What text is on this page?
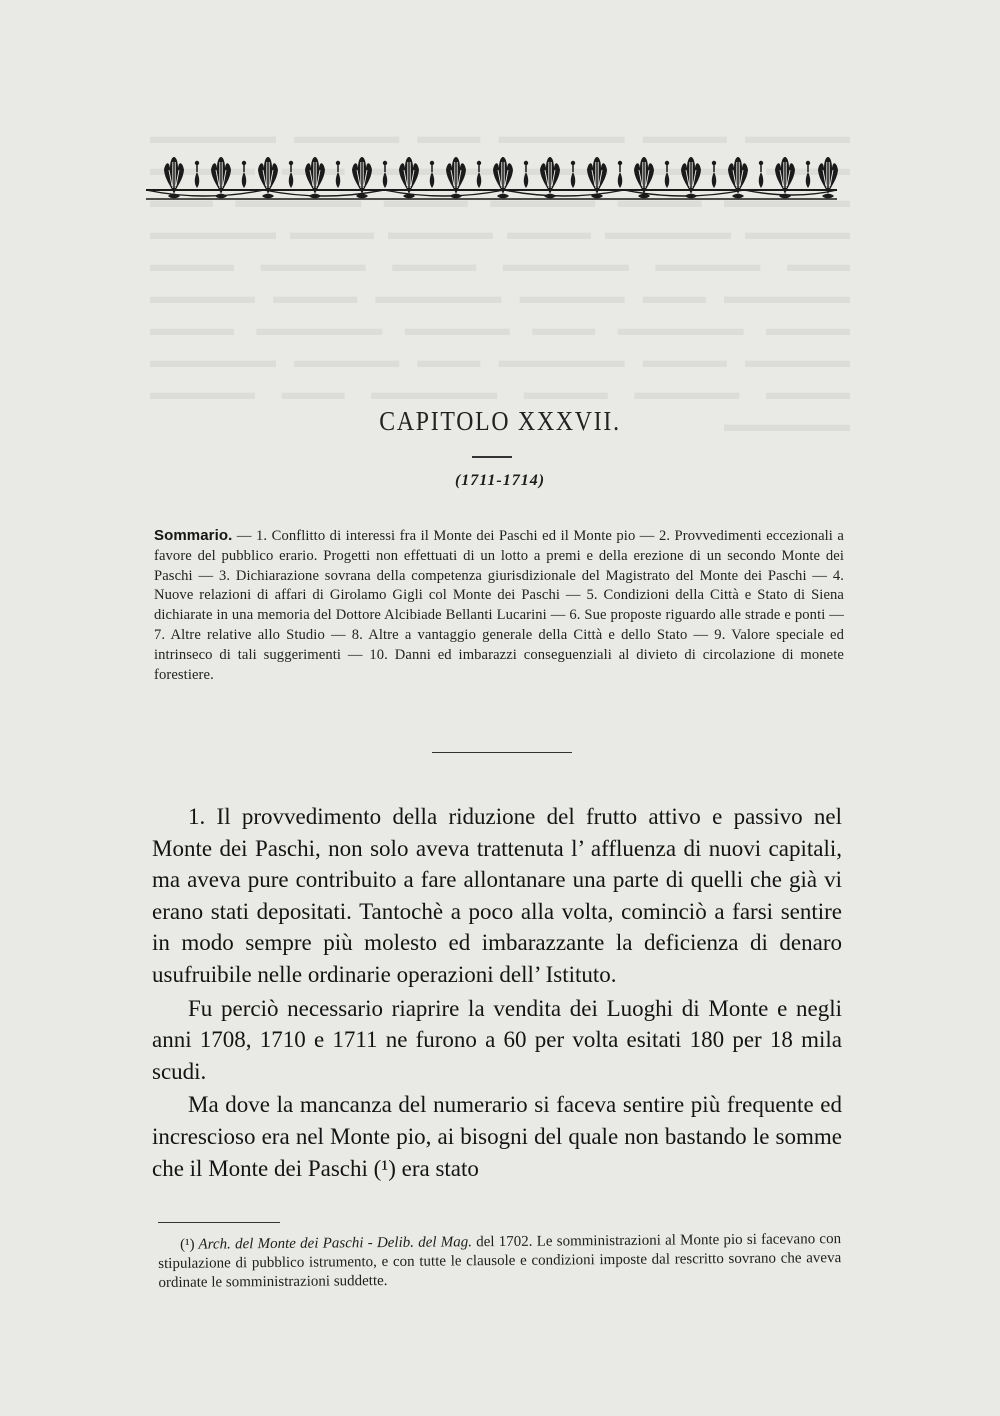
▬▬▬▬▬ ▬▬▬▬ ▬▬▬▬▬▬ ▬▬▬ ▬▬▬▬▬ ▬▬▬▬▬▬ ▬▬▬▬ ▬▬▬▬▬▬ ▬▬▬▬▬ ▬▬▬▬▬▬ ▬▬▬▬ ▬▬▬▬▬ ▬▬▬▬ ▬▬▬▬▬▬ ▬▬▬ ▬▬▬▬▬ ▬▬▬▬▬▬ ▬▬▬▬ ▬▬▬▬▬ ▬▬▬▬ ▬▬▬▬▬▬ ▬▬▬ ▬▬▬▬▬ ▬▬▬▬▬▬ ▬▬▬▬ ▬▬▬▬▬ ▬▬▬▬ ▬▬▬▬▬▬ ▬▬▬ ▬▬▬▬▬ ▬▬▬▬▬▬ ▬▬▬▬ ▬▬▬▬▬ ▬▬▬▬ ▬▬▬▬▬▬ ▬▬▬ ▬▬▬▬▬ ▬▬▬▬▬▬ ▬▬▬▬ ▬▬▬▬▬ ▬▬▬▬ ▬▬▬▬▬▬ ▬▬▬ ▬▬▬▬▬ ▬▬▬▬▬▬ ▬▬▬▬ ▬▬▬▬▬ ▬▬▬▬ ▬▬▬▬▬▬ ▬▬▬ ▬▬▬▬▬ ▬▬▬▬▬▬
CAPITOLO XXXVII.
(1711-1714)
Sommario. — 1. Conflitto di interessi fra il Monte dei Paschi ed il Monte pio — 2. Provvedimenti eccezionali a favore del pubblico erario. Progetti non effettuati di un lotto a premi e della erezione di un secondo Monte dei Paschi — 3. Dichiarazione sovrana della competenza giurisdizionale del Magistrato del Monte dei Paschi — 4. Nuove relazioni di affari di Girolamo Gigli col Monte dei Paschi — 5. Condizioni della Città e Stato di Siena dichiarate in una memoria del Dottore Alcibiade Bellanti Lucarini — 6. Sue proposte riguardo alle strade e ponti — 7. Altre relative allo Studio — 8. Altre a vantaggio generale della Città e dello Stato — 9. Valore speciale ed intrinseco di tali suggerimenti — 10. Danni ed imbarazzi conseguenziali al divieto di circolazione di monete forestiere.

1. Il provvedimento della riduzione del frutto attivo e passivo nel Monte dei Paschi, non solo aveva trattenuta l’ affluenza di nuovi capitali, ma aveva pure contribuito a fare allontanare una parte di quelli che già vi erano stati depositati. Tantochè a poco alla volta, cominciò a farsi sentire in modo sempre più molesto ed imbarazzante la deficienza di denaro usufruibile nelle ordinarie operazioni dell’ Istituto.

Fu perciò necessario riaprire la vendita dei Luoghi di Monte e negli anni 1708, 1710 e 1711 ne furono a 60 per volta esitati 180 per 18 mila scudi.

Ma dove la mancanza del numerario si faceva sentire più frequente ed increscioso era nel Monte pio, ai bisogni del quale non bastando le somme che il Monte dei Paschi (¹) era stato

(¹) Arch. del Monte dei Paschi - Delib. del Mag. del 1702. Le somministrazioni al Monte pio si facevano con stipulazione di pubblico istrumento, e con tutte le clausole e condizioni imposte dal rescritto sovrano che aveva ordinate le somministrazioni suddette.
